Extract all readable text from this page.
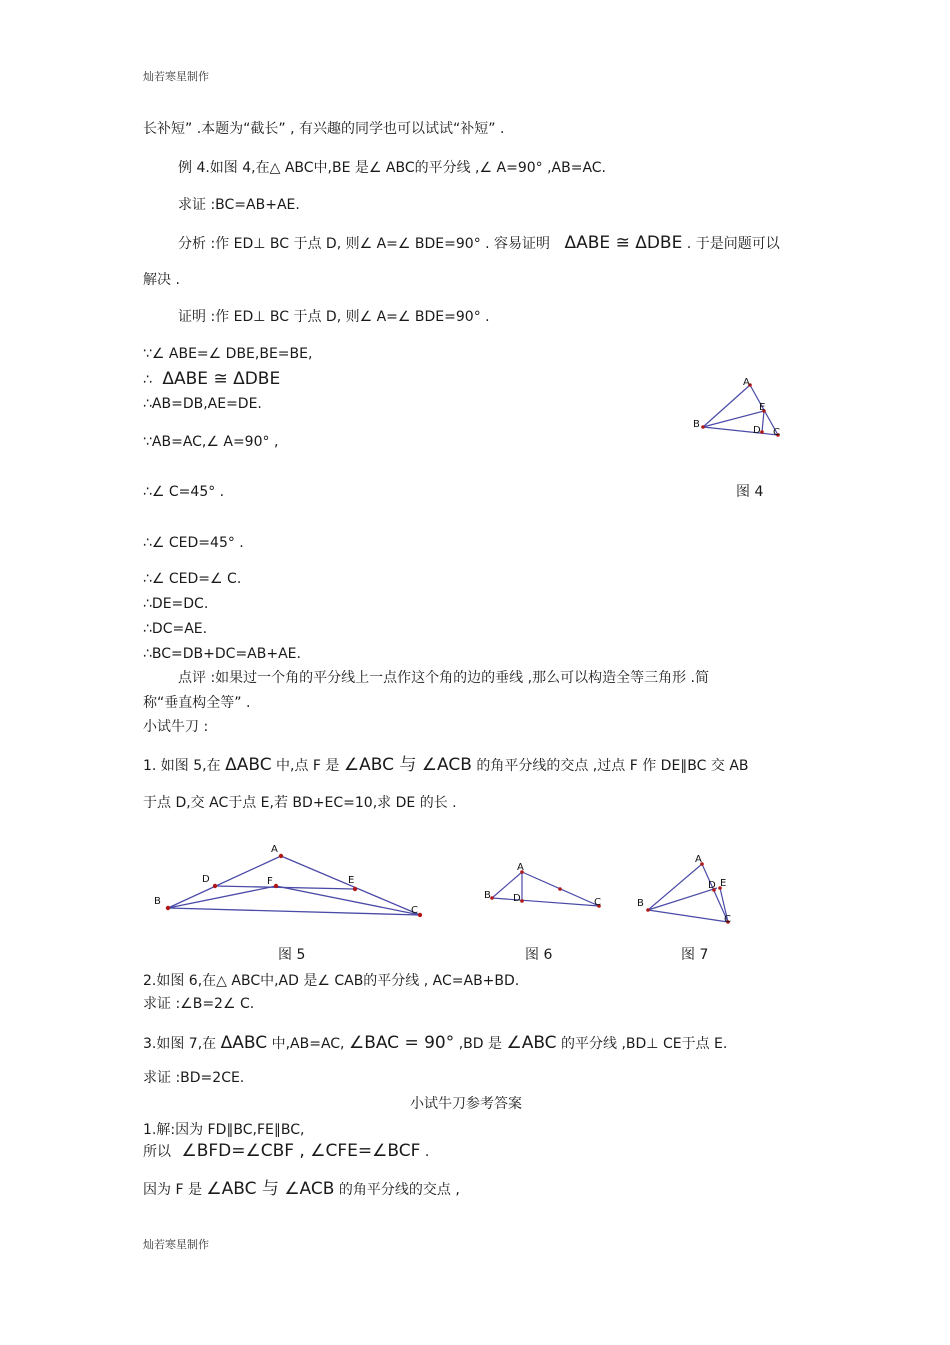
灿若寒星制作
灿若寒星制作
长补短” .本题为“截长” , 有兴趣的同学也可以试试“补短” .
例 4.如图 4,在△ ABC中,BE 是∠ ABC的平分线 ,∠ A=90° ,AB=AC.
求证 :BC=AB+AE.
分析 :作 ED⊥ BC 于点 D, 则∠ A=∠ BDE=90° . 容易证明 ΔABE ≅ ΔDBE . 于是问题可以
解决 .
证明 :作 ED⊥ BC 于点 D, 则∠ A=∠ BDE=90° .
∵∠ ABE=∠ DBE,BE=BE,
∴ ΔABE ≅ ΔDBE
∴AB=DB,AE=DE.
∵AB=AC,∠ A=90° ,
∴∠ C=45° .
∴∠ CED=45° .
∴∠ CED=∠ C.
∴DE=DC.
∴DC=AE.
∴BC=DB+DC=AB+AE.
点评 :如果过一个角的平分线上一点作这个角的边的垂线 ,那么可以构造全等三角形 .简
称“垂直构全等” .
小试牛刀 :
1. 如图 5,在 ΔABC 中,点 F 是 ∠ABC 与 ∠ACB 的角平分线的交点 ,过点 F 作 DE∥BC 交 AB
于点 D,交 AC于点 E,若 BD+EC=10,求 DE 的长 .
2.如图 6,在△ ABC中,AD 是∠ CAB的平分线 , AC=AB+BD.
求证 :∠B=2∠ C.
3.如图 7,在 ΔABC 中,AB=AC, ∠BAC = 90° ,BD 是 ∠ABC 的平分线 ,BD⊥ CE于点 E.
求证 :BD=2CE.
小试牛刀参考答案
1.解:因为 FD∥BC,FE∥BC,
所以 ∠BFD=∠CBF , ∠CFE=∠BCF .
因为 F 是 ∠ABC 与 ∠ACB 的角平分线的交点 ,
A
B
C
D
E
图 4
A
B
C
D	E
F
图 5
A
B
C
D
图 6
A
B
C
D E
图 7
